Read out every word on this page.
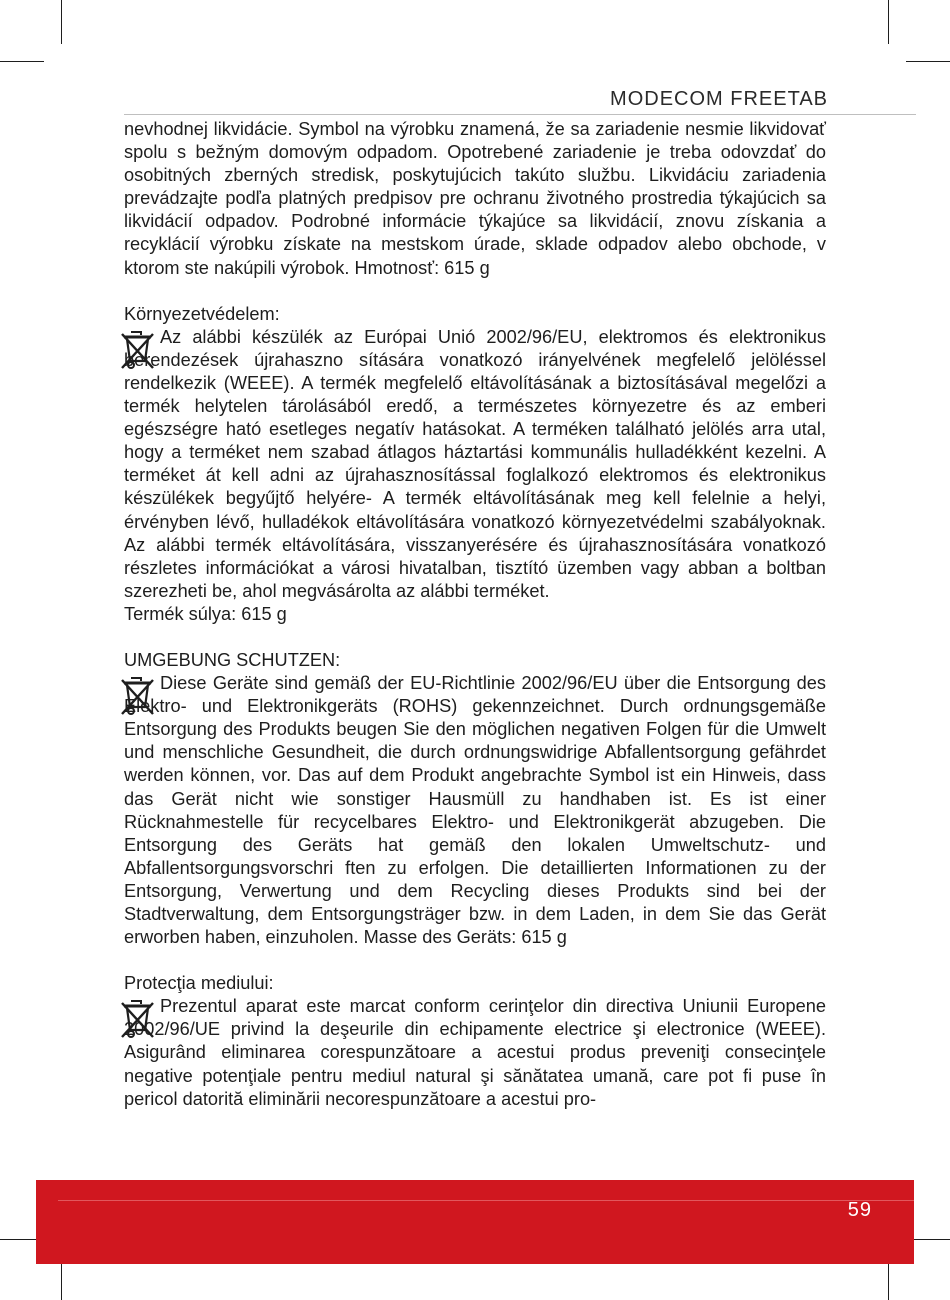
MODECOM FREETAB

nevhodnej likvidácie. Symbol na výrobku znamená, že sa zariadenie nesmie likvidovať spolu s bežným domovým odpadom. Opotrebené zariadenie je treba odovzdať do osobitných zberných stredisk, poskytujúcich takúto službu. Likvidáciu zariadenia prevádzajte podľa platných predpisov pre ochranu životného prostredia týkajúcich sa likvidácií odpadov. Podrobné informácie týkajúce sa likvidácií, znovu získania a recyklácií výrobku získate na mestskom úrade, sklade odpadov alebo obchode, v ktorom ste nakúpili výrobok. Hmotnosť: 615 g

Környezetvédelem:

Az alábbi készülék az Európai Unió 2002/96/EU, elektromos és elektronikus berendezések újrahaszno sítására vonatkozó irányelvének megfelelő jelöléssel rendelkezik (WEEE). A termék megfelelő eltávolításának a biztosításával megelőzi a termék helytelen tárolásából eredő, a természetes környezetre és az emberi egészségre ható esetleges negatív hatásokat. A terméken található jelölés arra utal, hogy a terméket nem szabad átlagos háztartási kommunális hulladékként kezelni. A terméket át kell adni az újrahasznosítással foglalkozó elektromos és elektronikus készülékek begyűjtő helyére- A termék eltávolításának meg kell felelnie a helyi, érvényben lévő, hulladékok eltávolítására vonatkozó környezetvédelmi szabályoknak. Az alábbi termék eltávolítására, visszanyerésére és újrahasznosítására vonatkozó részletes információkat a városi hivatalban, tisztító üzemben vagy abban a boltban szerezheti be, ahol megvásárolta az alábbi terméket.

Termék súlya: 615 g

UMGEBUNG SCHUTZEN:

Diese Geräte sind gemäß der EU-Richtlinie 2002/96/EU über die Entsorgung des Elektro- und Elektronikgeräts (ROHS) gekennzeichnet. Durch ordnungsgemäße Entsorgung des Produkts beugen Sie den möglichen negativen Folgen für die Umwelt und menschliche Gesundheit, die durch ordnungswidrige Abfallentsorgung gefährdet werden können, vor. Das auf dem Produkt angebrachte Symbol ist ein Hinweis, dass das Gerät nicht wie sonstiger Hausmüll zu handhaben ist. Es ist einer Rücknahmestelle für recycelbares Elektro- und Elektronikgerät abzugeben. Die Entsorgung des Geräts hat gemäß den lokalen Umweltschutz- und Abfallentsorgungsvorschri ften zu erfolgen. Die detaillierten Informationen zu der Entsorgung, Verwertung und dem Recycling dieses Produkts sind bei der Stadtverwaltung, dem Entsorgungsträger bzw. in dem Laden, in dem Sie das Gerät erworben haben, einzuholen. Masse des Geräts: 615 g

Protecţia mediului:

Prezentul aparat este marcat conform cerinţelor din directiva Uniunii Europene 2002/96/UE privind la deşeurile din echipamente electrice şi electronice (WEEE). Asigurând eliminarea corespunzătoare a acestui produs preveniţi consecinţele negative potenţiale pentru mediul natural şi sănătatea umană, care pot fi puse în pericol datorită eliminării necorespunzătoare a acestui pro-

59
